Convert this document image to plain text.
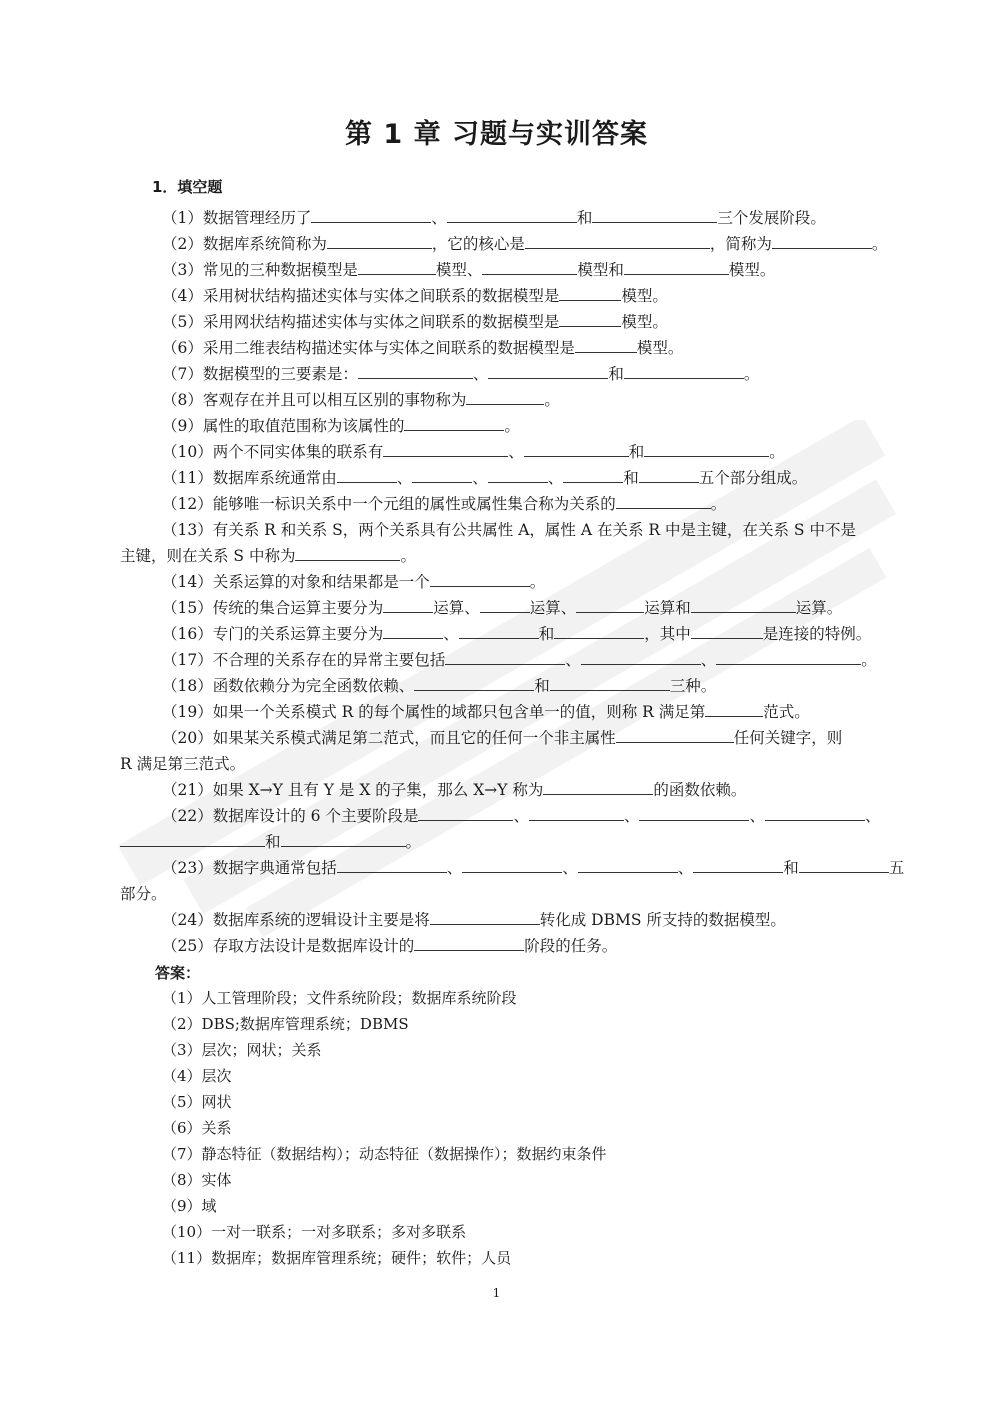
第 1 章 习题与实训答案
1．填空题
（1）数据管理经历了	、	和	三个发展阶段。
（2）数据库系统简称为	，它的核心是	，简称为	。
（3）常见的三种数据模型是	模型、	模型和	模型。
（4）采用树状结构描述实体与实体之间联系的数据模型是	模型。
（5）采用网状结构描述实体与实体之间联系的数据模型是	模型。
（6）采用二维表结构描述实体与实体之间联系的数据模型是	模型。
（7）数据模型的三要素是：	、	和	。
（8）客观存在并且可以相互区别的事物称为	。
（9）属性的取值范围称为该属性的	。
（10）两个不同实体集的联系有	、	和	。
（11）数据库系统通常由	、	、	、	和	五个部分组成。
（12）能够唯一标识关系中一个元组的属性或属性集合称为关系的	。
（13）有关系 R 和关系 S，两个关系具有公共属性 A，属性 A 在关系 R 中是主键，在关系 S 中不是
主键，则在关系 S 中称为	。
（14）关系运算的对象和结果都是一个	。
（15）传统的集合运算主要分为	运算、	运算、	运算和	运算。
（16）专门的关系运算主要分为	、	和	，其中	是连接的特例。
（17）不合理的关系存在的异常主要包括	、	、	。
（18）函数依赖分为完全函数依赖、	和	三种。
（19）如果一个关系模式 R 的每个属性的域都只包含单一的值，则称 R 满足第	范式。
（20）如果某关系模式满足第二范式，而且它的任何一个非主属性	任何关键字，则
R 满足第三范式。
（21）如果 X→Y 且有 Y 是 X 的子集，那么 X→Y 称为	的函数依赖。
（22）数据库设计的 6 个主要阶段是	、	、	、	、
和	。
（23）数据字典通常包括	、	、	、	和	五
部分。
（24）数据库系统的逻辑设计主要是将	转化成 DBMS 所支持的数据模型。
（25）存取方法设计是数据库设计的	阶段的任务。
答案：
（1）人工管理阶段；文件系统阶段；数据库系统阶段
（2）DBS;数据库管理系统；DBMS
（3）层次；网状；关系
（4）层次
（5）网状
（6）关系
（7）静态特征（数据结构）；动态特征（数据操作）；数据约束条件
（8）实体
（9）域
（10）一对一联系；一对多联系；多对多联系
（11）数据库；数据库管理系统；硬件；软件；人员
1
